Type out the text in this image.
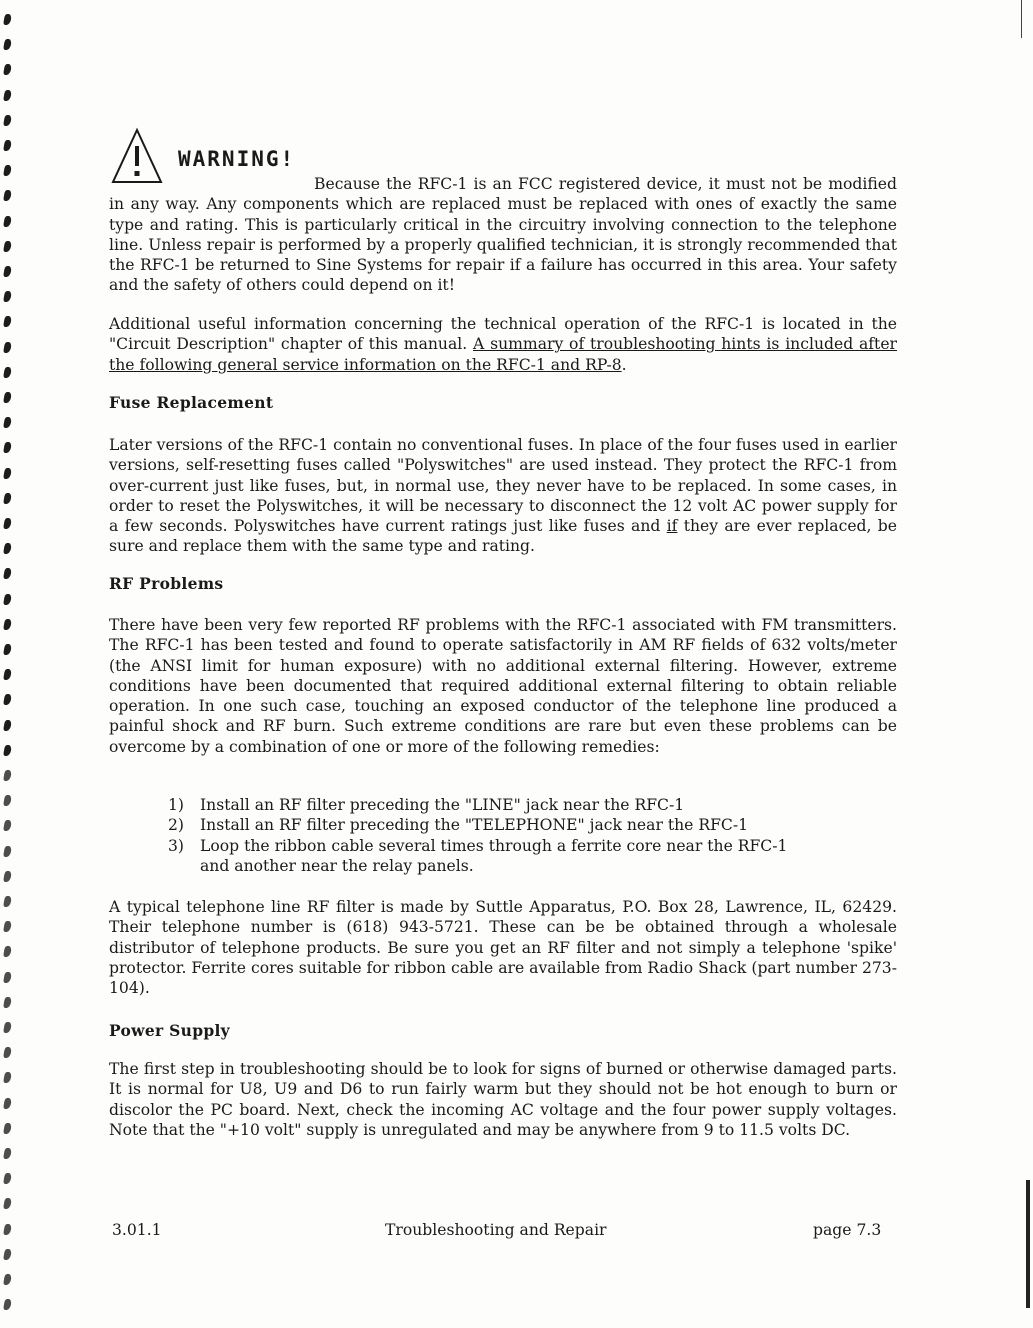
WARNING!

Because the RFC-1 is an FCC registered device, it must not be modified in any way. Any components which are replaced must be replaced with ones of exactly the same type and rating. This is particularly critical in the circuitry involving connection to the telephone line. Unless repair is performed by a properly qualified technician, it is strongly recommended that the RFC-1 be returned to Sine Systems for repair if a failure has occurred in this area. Your safety and the safety of others could depend on it!

Additional useful information concerning the technical operation of the RFC-1 is located in the "Circuit Description" chapter of this manual. A summary of troubleshooting hints is included after the following general service information on the RFC-1 and RP-8.

Fuse Replacement

Later versions of the RFC-1 contain no conventional fuses. In place of the four fuses used in earlier versions, self-resetting fuses called "Polyswitches" are used instead. They protect the RFC-1 from over-current just like fuses, but, in normal use, they never have to be replaced. In some cases, in order to reset the Polyswitches, it will be necessary to disconnect the 12 volt AC power supply for a few seconds. Polyswitches have current ratings just like fuses and if they are ever replaced, be sure and replace them with the same type and rating.

RF Problems

There have been very few reported RF problems with the RFC-1 associated with FM transmitters. The RFC-1 has been tested and found to operate satisfactorily in AM RF fields of 632 volts/meter (the ANSI limit for human exposure) with no additional external filtering. However, extreme conditions have been documented that required additional external filtering to obtain reliable operation. In one such case, touching an exposed conductor of the telephone line produced a painful shock and RF burn. Such extreme conditions are rare but even these problems can be overcome by a combination of one or more of the following remedies:

1)	Install an RF filter preceding the "LINE" jack near the RFC-1
2)	Install an RF filter preceding the "TELEPHONE" jack near the RFC-1
3)	Loop the ribbon cable several times through a ferrite core near the RFC-1
and another near the relay panels.

A typical telephone line RF filter is made by Suttle Apparatus, P.O. Box 28, Lawrence, IL, 62429. Their telephone number is (618) 943-5721. These can be be obtained through a wholesale distributor of telephone products. Be sure you get an RF filter and not simply a telephone 'spike' protector. Ferrite cores suitable for ribbon cable are available from Radio Shack (part number 273-104).

Power Supply

The first step in troubleshooting should be to look for signs of burned or otherwise damaged parts. It is normal for U8, U9 and D6 to run fairly warm but they should not be hot enough to burn or discolor the PC board. Next, check the incoming AC voltage and the four power supply voltages. Note that the "+10 volt" supply is unregulated and may be anywhere from 9 to 11.5 volts DC.

3.01.1	Troubleshooting and Repair	page 7.3
